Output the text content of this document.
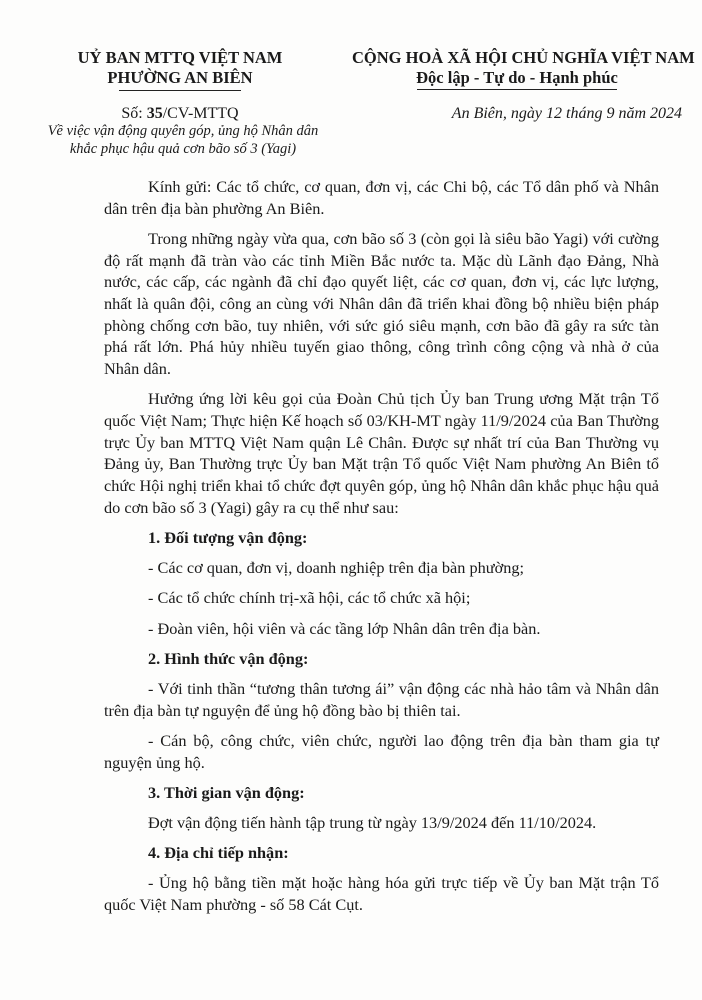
UỶ BAN MTTQ VIỆT NAM
PHƯỜNG AN BIÊN
CỘNG HOÀ XÃ HỘI CHỦ NGHĨA VIỆT NAM
Độc lập - Tự do - Hạnh phúc
Số: 35/CV-MTTQ
Về việc vận động quyên góp, ủng hộ Nhân dân
khắc phục hậu quả cơn bão số 3 (Yagi)
An Biên, ngày 12 tháng 9 năm 2024

Kính gửi: Các tổ chức, cơ quan, đơn vị, các Chi bộ, các Tổ dân phố và Nhân dân trên địa bàn phường An Biên.

Trong những ngày vừa qua, cơn bão số 3 (còn gọi là siêu bão Yagi) với cường độ rất mạnh đã tràn vào các tỉnh Miền Bắc nước ta. Mặc dù Lãnh đạo Đảng, Nhà nước, các cấp, các ngành đã chỉ đạo quyết liệt, các cơ quan, đơn vị, các lực lượng, nhất là quân đội, công an cùng với Nhân dân đã triển khai đồng bộ nhiều biện pháp phòng chống cơn bão, tuy nhiên, với sức gió siêu mạnh, cơn bão đã gây ra sức tàn phá rất lớn. Phá hủy nhiều tuyến giao thông, công trình công cộng và nhà ở của Nhân dân.

Hưởng ứng lời kêu gọi của Đoàn Chủ tịch Ủy ban Trung ương Mặt trận Tổ quốc Việt Nam; Thực hiện Kế hoạch số 03/KH-MT ngày 11/9/2024 của Ban Thường trực Ủy ban MTTQ Việt Nam quận Lê Chân. Được sự nhất trí của Ban Thường vụ Đảng ủy, Ban Thường trực Ủy ban Mặt trận Tổ quốc Việt Nam phường An Biên tổ chức Hội nghị triển khai tổ chức đợt quyên góp, ủng hộ Nhân dân khắc phục hậu quả do cơn bão số 3 (Yagi) gây ra cụ thể như sau:

1. Đối tượng vận động:
- Các cơ quan, đơn vị, doanh nghiệp trên địa bàn phường;
- Các tổ chức chính trị-xã hội, các tổ chức xã hội;
- Đoàn viên, hội viên và các tầng lớp Nhân dân trên địa bàn.
2. Hình thức vận động:
- Với tinh thần “tương thân tương ái” vận động các nhà hảo tâm và Nhân dân trên địa bàn tự nguyện để ủng hộ đồng bào bị thiên tai.
- Cán bộ, công chức, viên chức, người lao động trên địa bàn tham gia tự nguyện ủng hộ.
3. Thời gian vận động:
Đợt vận động tiến hành tập trung từ ngày 13/9/2024 đến 11/10/2024.
4. Địa chỉ tiếp nhận:
- Ủng hộ bằng tiền mặt hoặc hàng hóa gửi trực tiếp về Ủy ban Mặt trận Tổ quốc Việt Nam phường - số 58 Cát Cụt.
